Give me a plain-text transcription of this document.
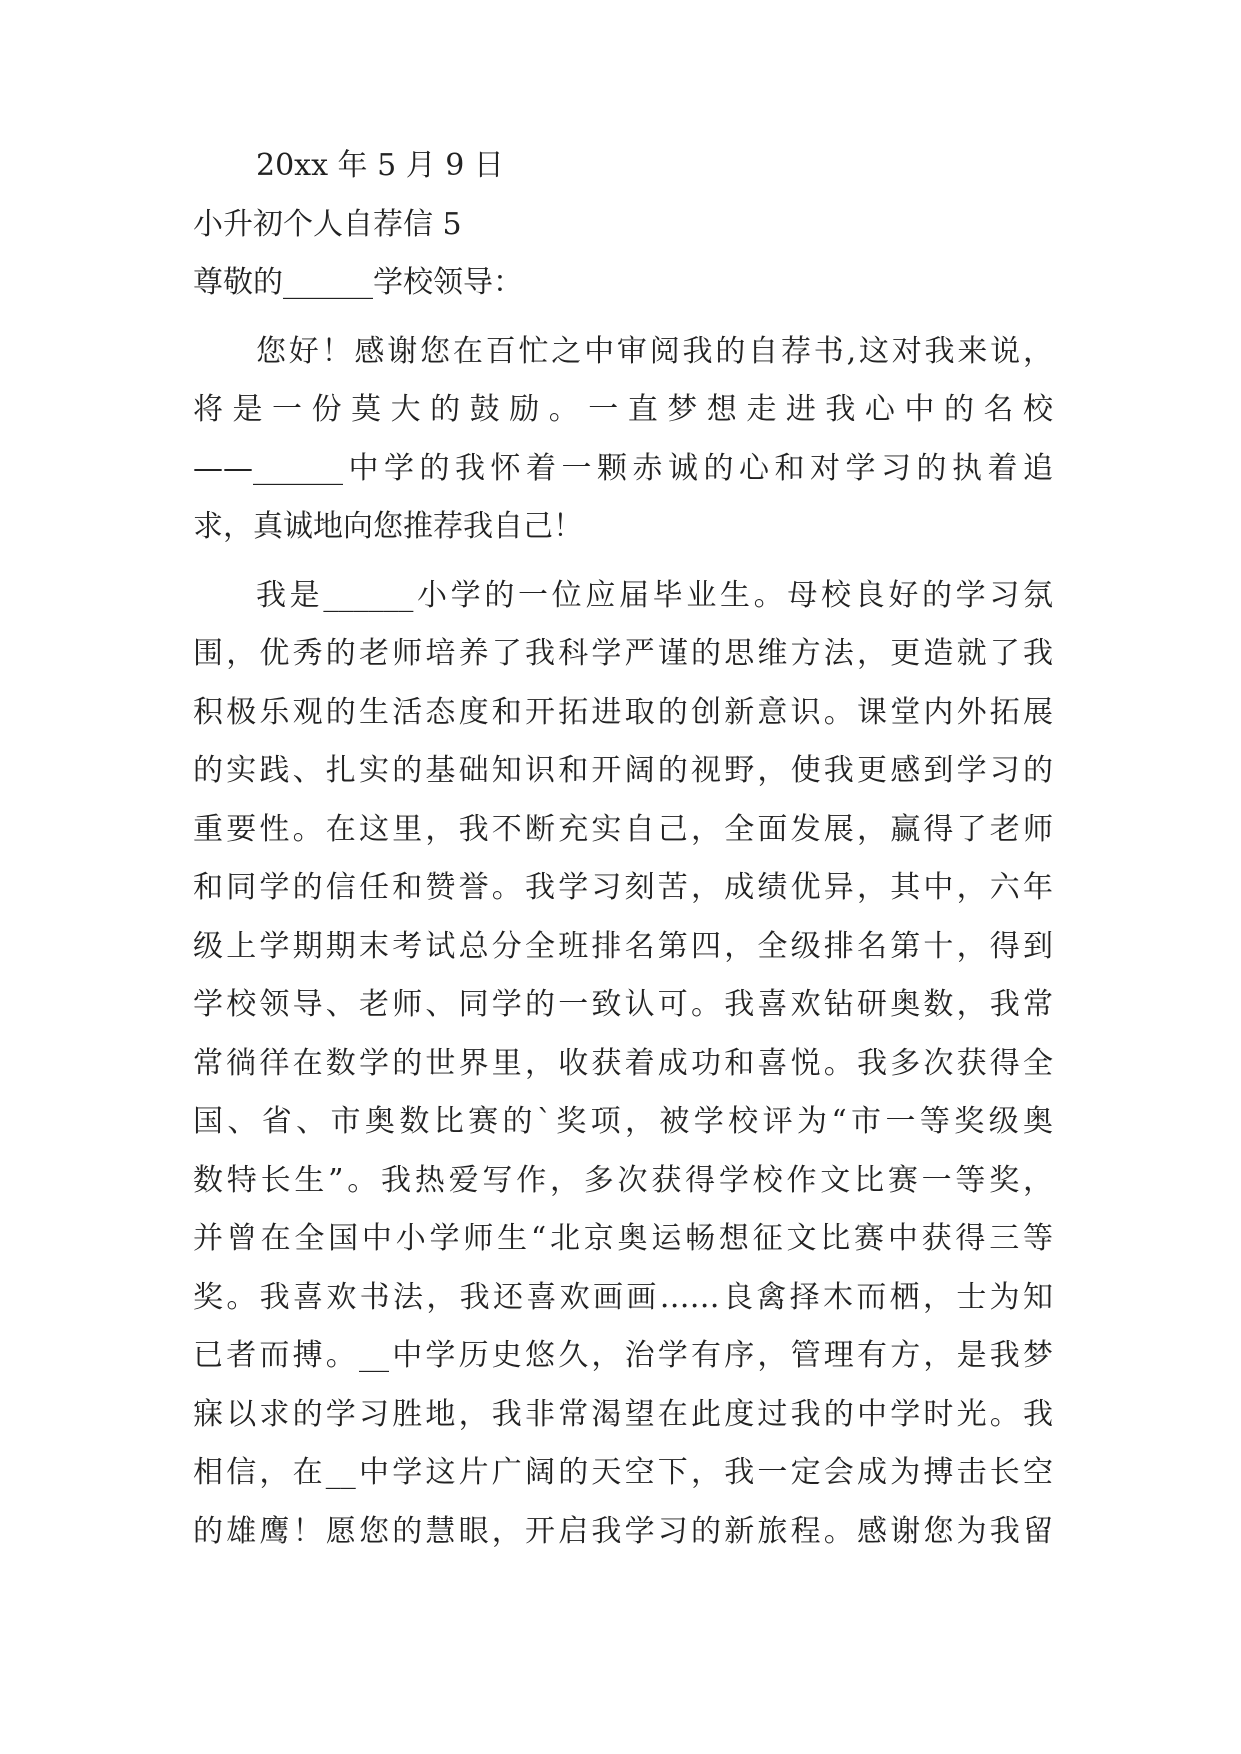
20xx 年 5 月 9 日
小升初个人自荐信 5
尊敬的______学校领导：
您好！感谢您在百忙之中审阅我的自荐书,这对我来说，
将是一份莫大的鼓励。一直梦想走进我心中的名校
——______中学的我怀着一颗赤诚的心和对学习的执着追
求，真诚地向您推荐我自己！
我是______小学的一位应届毕业生。母校良好的学习氛
围，优秀的老师培养了我科学严谨的思维方法，更造就了我
积极乐观的生活态度和开拓进取的创新意识。课堂内外拓展
的实践、扎实的基础知识和开阔的视野，使我更感到学习的
重要性。在这里，我不断充实自己，全面发展，赢得了老师
和同学的信任和赞誉。我学习刻苦，成绩优异，其中，六年
级上学期期末考试总分全班排名第四，全级排名第十，得到
学校领导、老师、同学的一致认可。我喜欢钻研奥数，我常
常徜徉在数学的世界里，收获着成功和喜悦。我多次获得全
国、省、市奥数比赛的`奖项，被学校评为“市一等奖级奥
数特长生”。我热爱写作，多次获得学校作文比赛一等奖，
并曾在全国中小学师生“北京奥运畅想征文比赛中获得三等
奖。我喜欢书法，我还喜欢画画……良禽择木而栖，士为知
已者而搏。__中学历史悠久，治学有序，管理有方，是我梦
寐以求的学习胜地，我非常渴望在此度过我的中学时光。我
相信，在__中学这片广阔的天空下，我一定会成为搏击长空
的雄鹰！愿您的慧眼，开启我学习的新旅程。感谢您为我留
